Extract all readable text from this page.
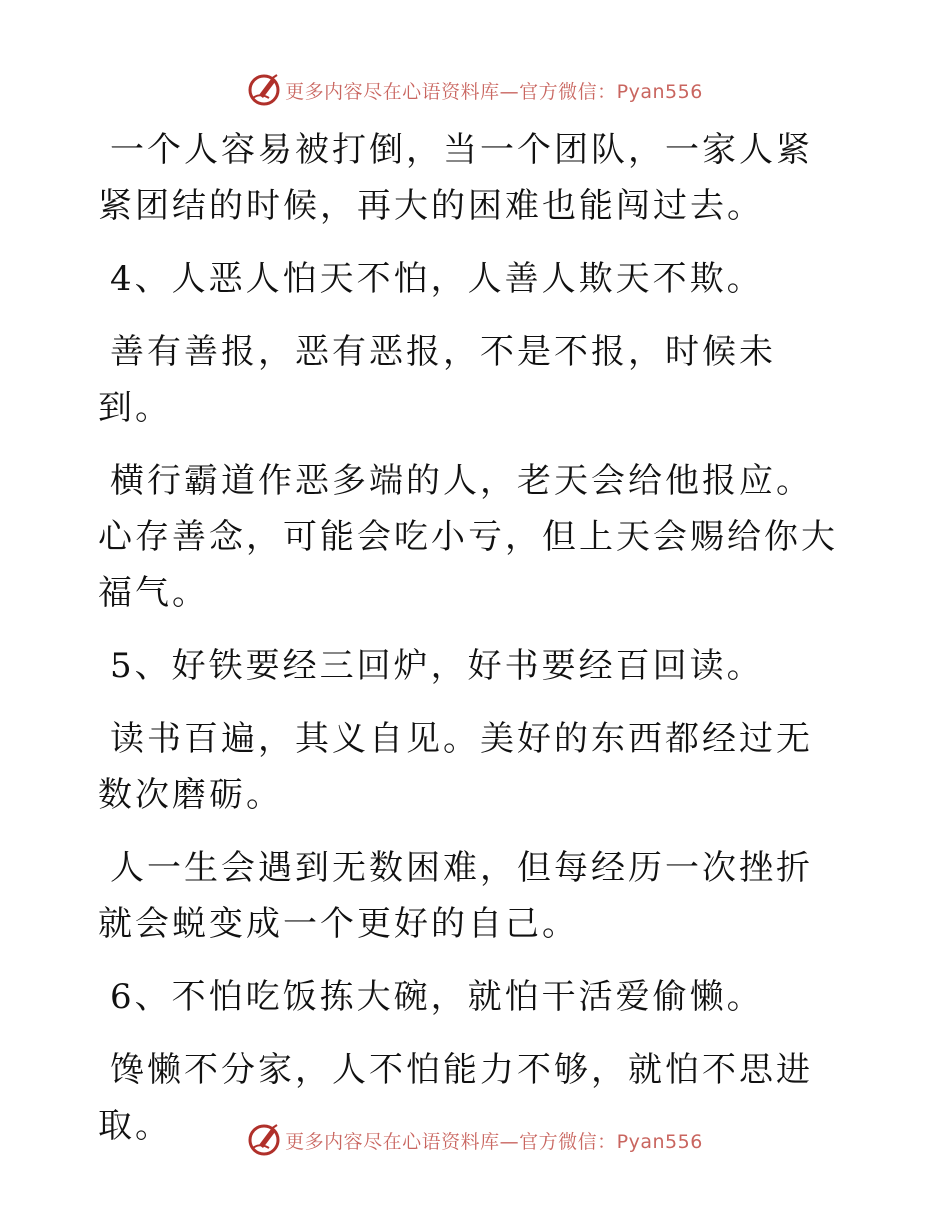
更多内容尽在心语资料库—官方微信：Pyan556

一个人容易被打倒，当一个团队，一家人紧紧团结的时候，再大的困难也能闯过去。

4、人恶人怕天不怕，人善人欺天不欺。

善有善报，恶有恶报，不是不报，时候未到。

横行霸道作恶多端的人，老天会给他报应。心存善念，可能会吃小亏，但上天会赐给你大福气。

5、好铁要经三回炉，好书要经百回读。

读书百遍，其义自见。美好的东西都经过无数次磨砺。

人一生会遇到无数困难，但每经历一次挫折就会蜕变成一个更好的自己。

6、不怕吃饭拣大碗，就怕干活爱偷懒。

馋懒不分家，人不怕能力不够，就怕不思进取。	更多内容尽在心语资料库—官方微信：Pyan556
